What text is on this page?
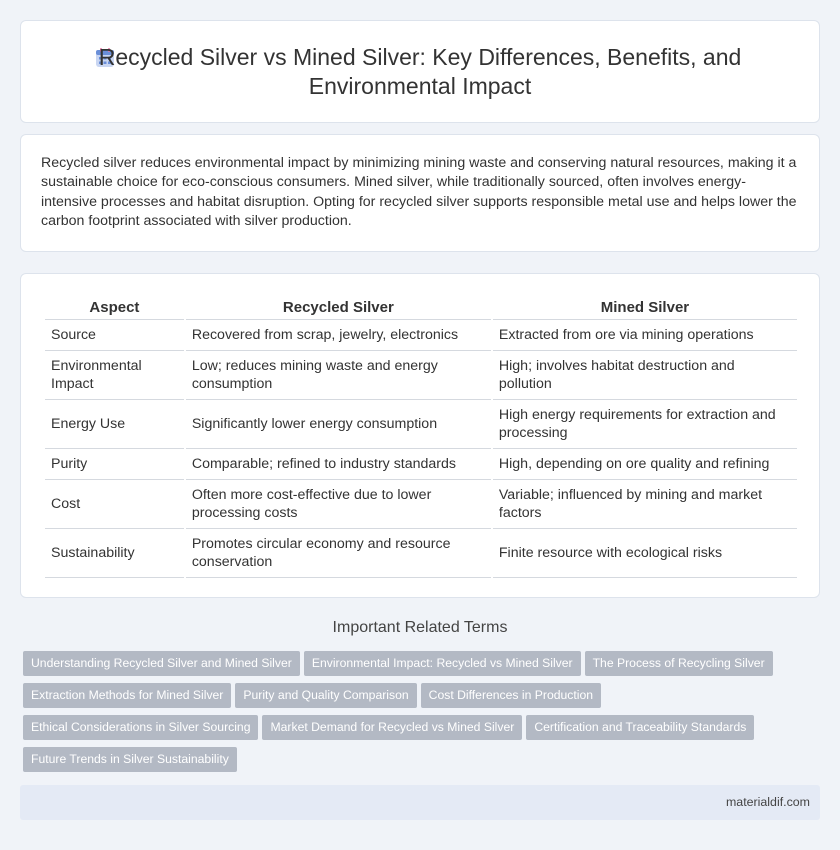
Recycled Silver vs Mined Silver: Key Differences, Benefits, and Environmental Impact

Recycled silver reduces environmental impact by minimizing mining waste and conserving natural resources, making it a sustainable choice for eco-conscious consumers. Mined silver, while traditionally sourced, often involves energy-intensive processes and habitat disruption. Opting for recycled silver supports responsible metal use and helps lower the carbon footprint associated with silver production.

Aspect	Recycled Silver	Mined Silver
Source	Recovered from scrap, jewelry, electronics	Extracted from ore via mining operations
Environmental Impact	Low; reduces mining waste and energy consumption	High; involves habitat destruction and pollution
Energy Use	Significantly lower energy consumption	High energy requirements for extraction and processing
Purity	Comparable; refined to industry standards	High, depending on ore quality and refining
Cost	Often more cost-effective due to lower processing costs	Variable; influenced by mining and market factors
Sustainability	Promotes circular economy and resource conservation	Finite resource with ecological risks
Important Related Terms
Understanding Recycled Silver and Mined Silver Environmental Impact: Recycled vs Mined Silver The Process of Recycling Silver
Extraction Methods for Mined Silver Purity and Quality Comparison Cost Differences in Production
Ethical Considerations in Silver Sourcing Market Demand for Recycled vs Mined Silver Certification and Traceability Standards
Future Trends in Silver Sustainability
materialdif.com
